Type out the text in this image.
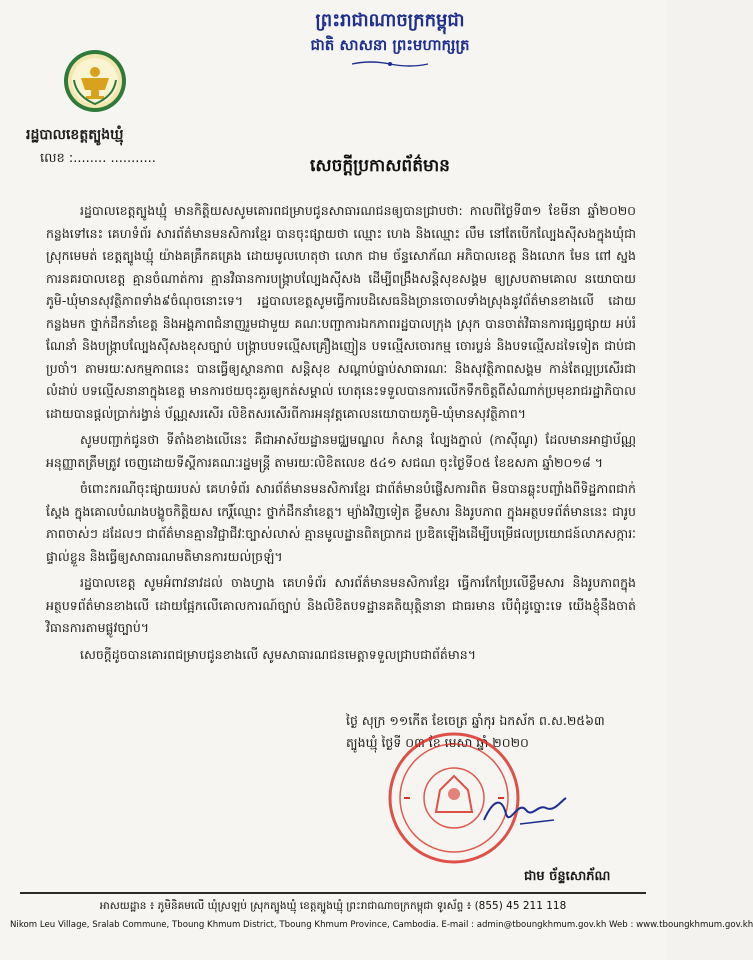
ព្រះរាជាណាចក្រកម្ពុជា
ជាតិ សាសនា ព្រះមហាក្សត្រ
រដ្ឋបាលខេត្តត្បូងឃ្មុំ
លេខ :........ ...........	សេចក្តីប្រកាសព័ត៌មាន

រដ្ឋបាលខេត្តត្បូងឃ្មុំ មានកិត្តិយសសូមគោរពជម្រាបជូនសាធារណជនឲ្យបានជ្រាបថា: កាលពីថ្ងៃទី៣១ ខែមីនា ឆ្នាំ២០២០ កន្លងទៅនេះ គេហទំព័រ សារព័ត៌មានមនសិការខ្មែរ បានចុះផ្សាយថា ឈ្មោះ ហេង និងឈ្មោះ លឹម នៅតែបើកល្បែងស៊ីសងក្នុងឃុំជា ស្រុកមេមត់ ខេត្តត្បូងឃ្មុំ យ៉ាងគគ្រឹកគគ្រេង ដោយមូលហេតុថា លោក ជាម ច័ន្ទសោភ័ណ អភិបាលខេត្ត និងលោក មែន ពៅ ស្នងការនគរបាលខេត្ត គ្មានចំណាត់ការ គ្មានវិធានការបង្ក្រាបល្បែងស៊ីសង ដើម្បីពង្រឹងសន្តិសុខសង្គម ឲ្យស្របតាមគោល នយោបាយភូមិ-ឃុំមានសុវត្ថិភាពទាំង៩ចំណុចនោះទេ។ រដ្ឋបាលខេត្តសូមធ្វើការបដិសេធនិងច្រានចោលទាំងស្រុងនូវព័ត៌មានខាងលើ ដោយកន្លងមក ថ្នាក់ដឹកនាំខេត្ត និងអង្គភាពជំនាញរួមជាមួយ គណៈបញ្ជាការឯកភាពរដ្ឋបាលក្រុង ស្រុក បានចាត់វិធានការផ្សព្វផ្សាយ អប់រំ ណែនាំ និងបង្ក្រាបល្បែងស៊ីសងខុសច្បាប់ បង្ក្រាបបទល្មើសគ្រឿងញៀន បទល្មើសចោរកម្ម ចោរប្លន់ និងបទល្មើសដទៃទៀត ជាប់ជាប្រចាំ។ តាមរយៈសកម្មភាពនេះ បានធ្វើឲ្យស្ថានភាព សន្តិសុខ សណ្តាប់ធ្នាប់សាធារណៈ និងសុវត្ថិភាពសង្គម កាន់តែល្អប្រសើរជាលំដាប់ បទល្មើសនានាក្នុងខេត្ត មានការថយចុះគួរឲ្យកត់សម្គាល់ ហេតុនេះទទួលបានការលើកទឹកចិត្តពីសំណាក់ប្រមុខរាជរដ្ឋាភិបាល ដោយបានផ្តល់ប្រាក់រង្វាន់ ប័ណ្ណសរសើរ លិខិតសរសើរពីការអនុវត្តគោលនយោបាយភូមិ-ឃុំមានសុវត្ថិភាព។

សូមបញ្ជាក់ជូនថា ទីតាំងខាងលើនេះ គឺជាអាស័យដ្ឋានមជ្ឈមណ្ឌល កំសាន្ត ល្បែងភ្នាល់ (កាស៊ីណូ) ដែលមានអាជ្ញាប័ណ្ណអនុញ្ញាតត្រឹមត្រូវ ចេញដោយទីស្តីការគណៈរដ្ឋមន្ត្រី តាមរយៈលិខិតលេខ ៥៤១ សជណ ចុះថ្ងៃទី០៥ ខែឧសភា ឆ្នាំ២០១៨ ។

ចំពោះករណីចុះផ្សាយរបស់ គេហទំព័រ សារព័ត៌មានមនសិការខ្មែរ ជាព័ត៌មានបំផ្លើសការពិត មិនបានឆ្លុះបញ្ចាំងពីទិដ្ឋភាពជាក់ស្តែង ក្នុងគោលបំណងបង្ខូចកិត្តិយស កេរ្តិ៍ឈ្មោះ ថ្នាក់ដឹកនាំខេត្ត។ ម្យ៉ាងវិញទៀត ខ្លឹមសារ និងរូបភាព ក្នុងអត្ថបទព័ត៌មាននេះ ជារូបភាពចាស់ៗ ដដែលៗ ជាព័ត៌មានគ្មានវិជ្ជាជីវៈច្បាស់លាស់ គ្មានមូលដ្ឋានពិតប្រាកដ ប្រឌិតឡើងដើម្បីបម្រើផលប្រយោជន៍លាភសក្ការៈផ្ទាល់ខ្លួន និងធ្វើឲ្យសាធារណមតិមានការយល់ច្រឡំ។

រដ្ឋបាលខេត្ត សូមអំពាវនាវដល់ ចាងហ្វាង គេហទំព័រ សារព័ត៌មានមនសិការខ្មែរ ធ្វើការកែប្រែលើខ្លឹមសារ និងរូបភាពក្នុងអត្ថបទព័ត៌មានខាងលើ ដោយផ្អែកលើគោលការណ៍ច្បាប់ និងលិខិតបទដ្ឋានគតិយុត្តិនានា ជាធរមាន បើពុំដូច្នោះទេ យើងខ្ញុំនឹងចាត់វិធានការតាមផ្លូវច្បាប់។

សេចក្តីដូចបានគោរពជម្រាបជូនខាងលើ សូមសាធារណជនមេត្តាទទួលជ្រាបជាព័ត៌មាន។

ថ្ងៃ សុក្រ ១១កើត ខែចេត្រ ឆ្នាំកុរ ឯកស័ក ព.ស.២៥៦៣
ត្បូងឃ្មុំ ថ្ងៃទី ០៣ ខែ មេសា ឆ្នាំ ២០២០
ជាម ច័ន្ទសោភ័ណ
អាសយដ្ឋាន ៖ ភូមិនិគមលើ ឃុំស្រឡប់ ស្រុកត្បូងឃ្មុំ ខេត្តត្បូងឃ្មុំ ព្រះរាជាណាចក្រកម្ពុជា ទូរស័ព្ទ ៖ (855) 45 211 118
Nikom Leu Village, Sralab Commune, Tboung Khmum District, Tboung Khmum Province, Cambodia. E-mail : admin@tboungkhmum.gov.kh Web : www.tboungkhmum.gov.kh
